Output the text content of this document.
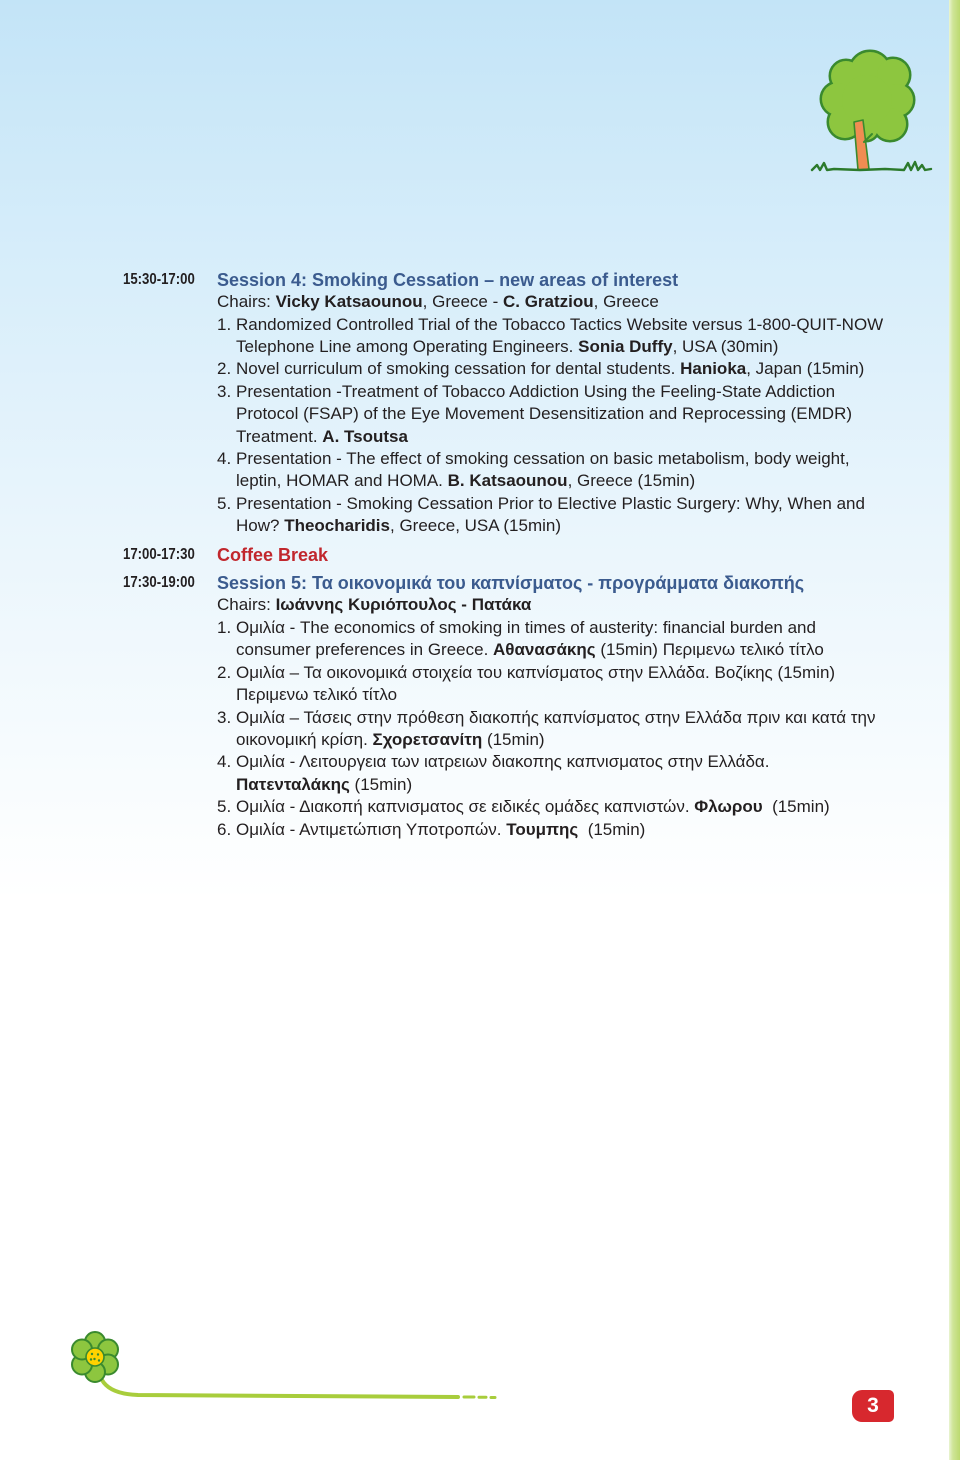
15:30-17:00	Session 4: Smoking Cessation – new areas of interest
Chairs: Vicky Katsaounou, Greece - C. Gratziou, Greece
1. Randomized Controlled Trial of the Tobacco Tactics Website versus 1-800-QUIT-NOW
Telephone Line among Operating Engineers. Sonia Duffy, USA (30min)
2. Novel curriculum of smoking cessation for dental students. Hanioka, Japan (15min)
3. Presentation -Treatment of Tobacco Addiction Using the Feeling-State Addiction
Protocol (FSAP) of the Eye Movement Desensitization and Reprocessing (EMDR)
Treatment. A. Tsoutsa
4. Presentation - The effect of smoking cessation on basic metabolism, body weight,
leptin, HOMAR and HOMA. B. Katsaounou, Greece (15min)
5. Presentation - Smoking Cessation Prior to Elective Plastic Surgery: Why, When and
How? Theocharidis, Greece, USA (15min)
17:00-17:30	Coffee Break
17:30-19:00	Session 5: Τα οικονομικά του καπνίσματος - προγράμματα διακοπής
Chairs: Ιωάννης Κυριόπουλος - Πατάκα
1. Ομιλία - The economics of smoking in times of austerity: financial burden and
consumer preferences in Greece. Αθανασάκης (15min) Περιμενω τελικό τίτλο
2. Ομιλία – Τα οικονομικά στοιχεία του καπνίσματος στην Ελλάδα. Βοζίκης (15min)
Περιμενω τελικό τίτλο
3. Ομιλία – Τάσεις στην πρόθεση διακοπής καπνίσματος στην Ελλάδα πριν και κατά την
οικονομική κρίση. Σχορετσανίτη (15min)
4. Ομιλία - Λειτουργεια των ιατρειων διακοπης καπνισματος στην Ελλάδα.
Πατενταλάκης (15min)
5. Ομιλία - Διακοπή καπνισματος σε ειδικές ομάδες καπνιστών. Φλωρου  (15min)
6. Ομιλία - Αντιμετώπιση Υποτροπών. Τουμπης  (15min)
3
